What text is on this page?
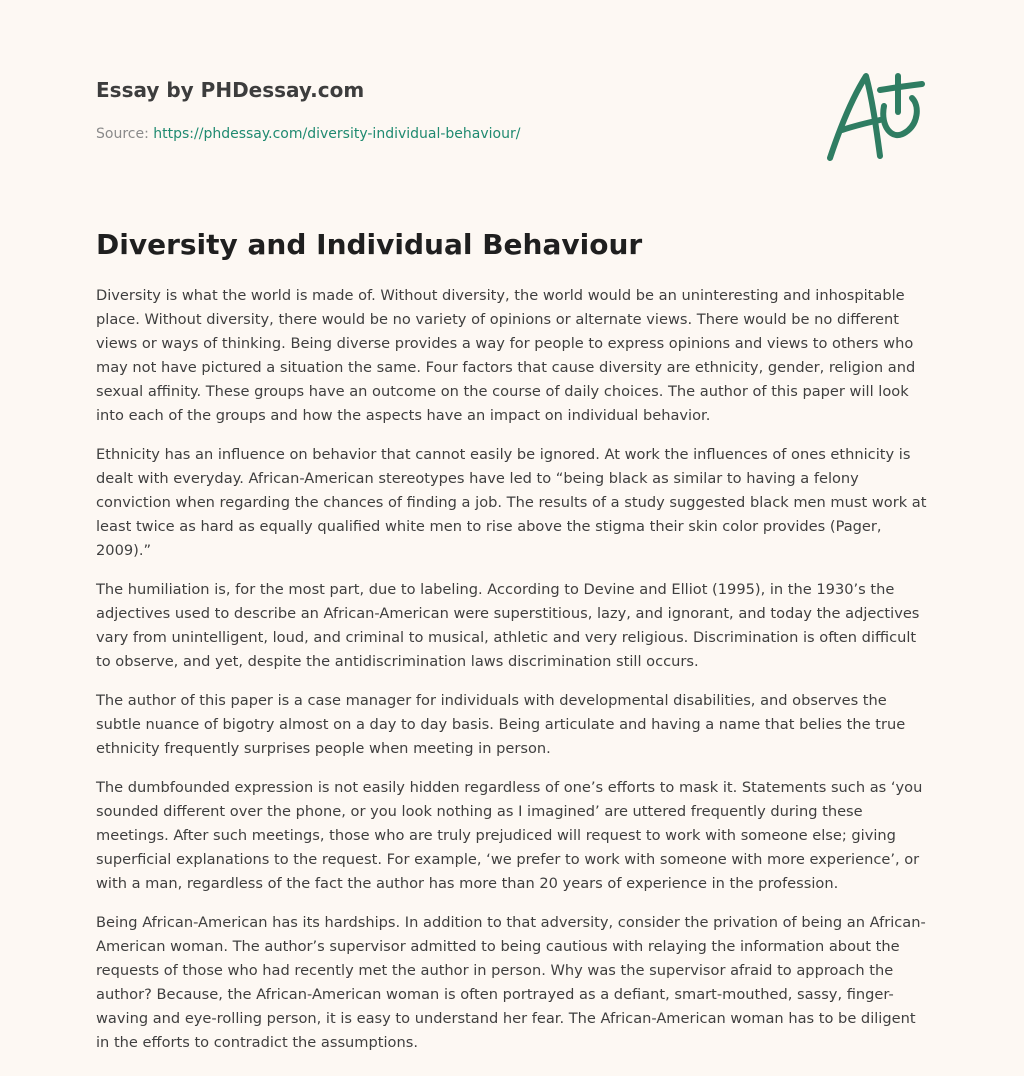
Essay by PHDessay.com
Source: https://phdessay.com/diversity-individual-behaviour/
Diversity and Individual Behaviour

Diversity is what the world is made of. Without diversity, the world would be an uninteresting and inhospitable place. Without diversity, there would be no variety of opinions or alternate views. There would be no different views or ways of thinking. Being diverse provides a way for people to express opinions and views to others who may not have pictured a situation the same. Four factors that cause diversity are ethnicity, gender, religion and sexual affinity. These groups have an outcome on the course of daily choices. The author of this paper will look into each of the groups and how the aspects have an impact on individual behavior.

Ethnicity has an influence on behavior that cannot easily be ignored. At work the influences of ones ethnicity is dealt with everyday. African-American stereotypes have led to “being black as similar to having a felony conviction when regarding the chances of finding a job. The results of a study suggested black men must work at least twice as hard as equally qualified white men to rise above the stigma their skin color provides (Pager, 2009).”

The humiliation is, for the most part, due to labeling. According to Devine and Elliot (1995), in the 1930’s the adjectives used to describe an African-American were superstitious, lazy, and ignorant, and today the adjectives vary from unintelligent, loud, and criminal to musical, athletic and very religious. Discrimination is often difficult to observe, and yet, despite the antidiscrimination laws discrimination still occurs.

The author of this paper is a case manager for individuals with developmental disabilities, and observes the subtle nuance of bigotry almost on a day to day basis. Being articulate and having a name that belies the true ethnicity frequently surprises people when meeting in person.

The dumbfounded expression is not easily hidden regardless of one’s efforts to mask it. Statements such as ‘you sounded different over the phone, or you look nothing as I imagined’ are uttered frequently during these meetings. After such meetings, those who are truly prejudiced will request to work with someone else; giving superficial explanations to the request. For example, ‘we prefer to work with someone with more experience’, or with a man, regardless of the fact the author has more than 20 years of experience in the profession.

Being African-American has its hardships. In addition to that adversity, consider the privation of being an African-American woman. The author’s supervisor admitted to being cautious with relaying the information about the requests of those who had recently met the author in person. Why was the supervisor afraid to approach the author? Because, the African-American woman is often portrayed as a defiant, smart-mouthed, sassy, finger-waving and eye-rolling person, it is easy to understand her fear. The African-American woman has to be diligent in the efforts to contradict the assumptions.
